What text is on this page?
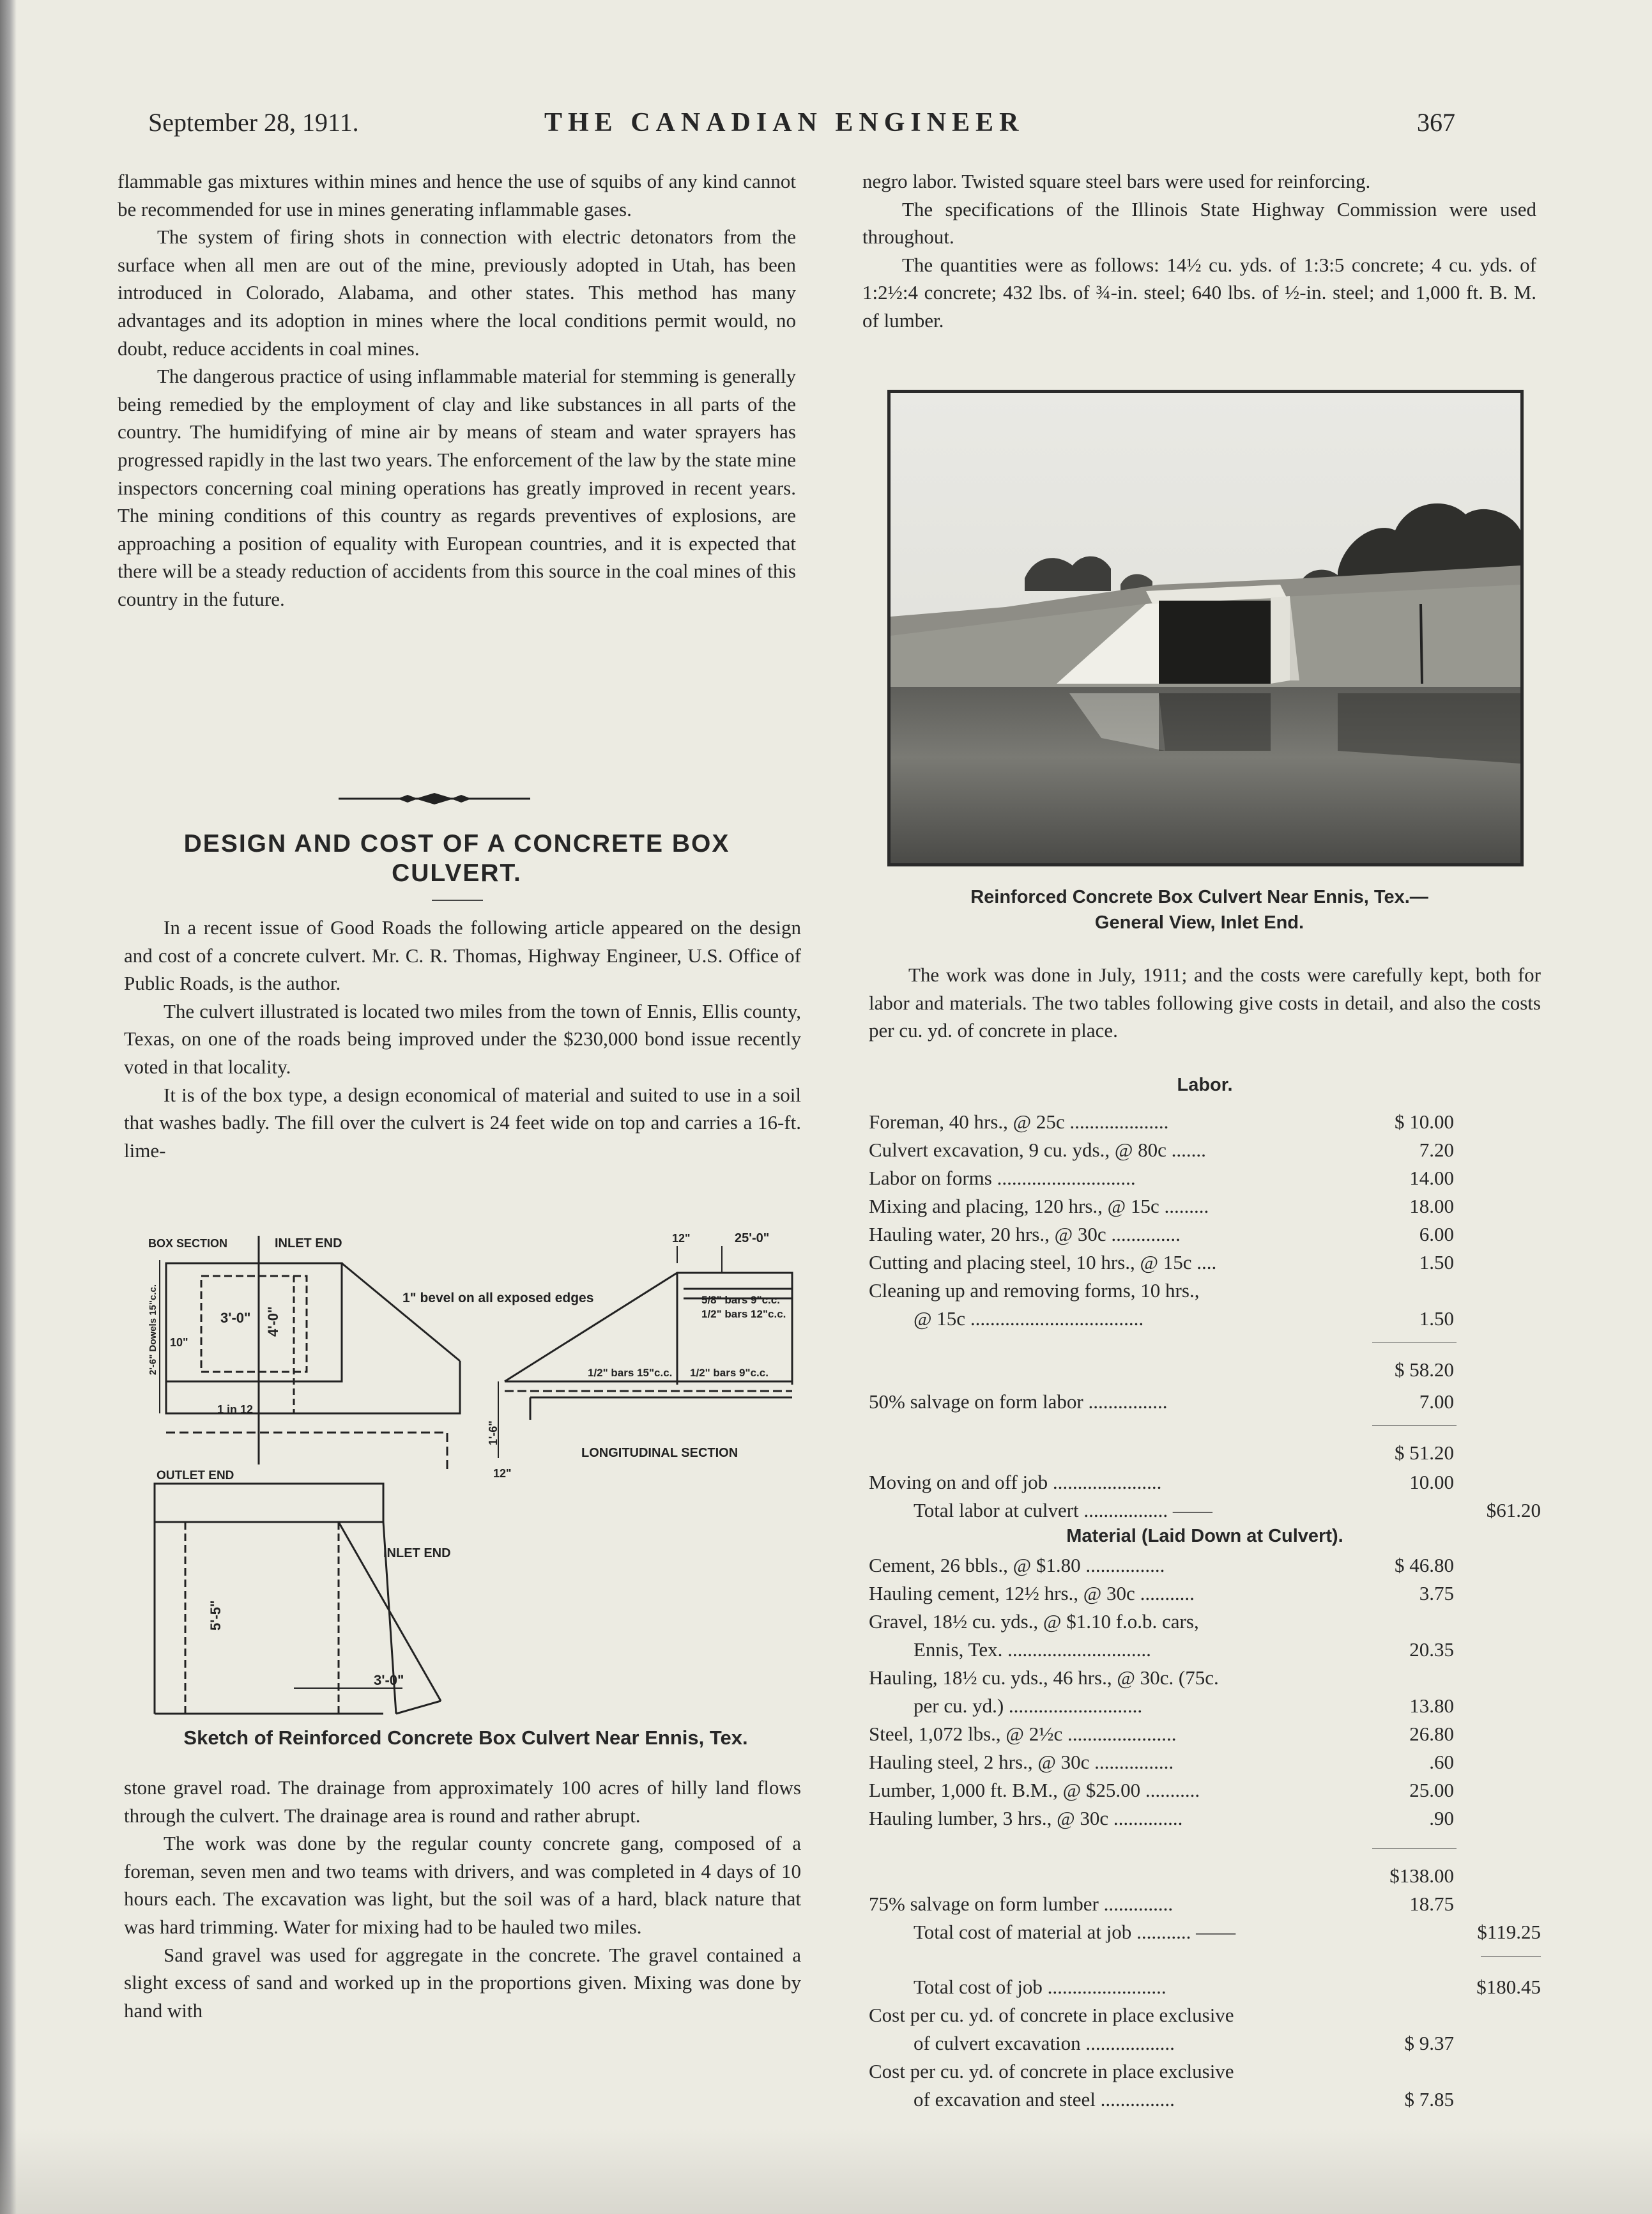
September 28, 1911.	THE CANADIAN ENGINEER	367

flammable gas mixtures within mines and hence the use of squibs of any kind cannot be recommended for use in mines generating inflammable gases.

The system of firing shots in connection with electric detonators from the surface when all men are out of the mine, previously adopted in Utah, has been introduced in Colorado, Alabama, and other states. This method has many advantages and its adoption in mines where the local conditions permit would, no doubt, reduce accidents in coal mines.

The dangerous practice of using inflammable material for stemming is generally being remedied by the employment of clay and like substances in all parts of the country. The humidifying of mine air by means of steam and water sprayers has progressed rapidly in the last two years. The enforcement of the law by the state mine inspectors concerning coal mining operations has greatly improved in recent years. The mining conditions of this country as regards preventives of explosions, are approaching a position of equality with European countries, and it is expected that there will be a steady reduction of accidents from this source in the coal mines of this country in the future.

DESIGN AND COST OF A CONCRETE BOX
CULVERT.

In a recent issue of Good Roads the following article appeared on the design and cost of a concrete culvert. Mr. C. R. Thomas, Highway Engineer, U.S. Office of Public Roads, is the author.

The culvert illustrated is located two miles from the town of Ennis, Ellis county, Texas, on one of the roads being improved under the $230,000 bond issue recently voted in that locality.

It is of the box type, a design economical of material and suited to use in a soil that washes badly. The fill over the culvert is 24 feet wide on top and carries a 16-ft. lime-

BOX SECTION	INLET END
1" bevel on all exposed edges
3'-0" 4'-0"
10"
2'-6" Dowels 15"c.c.
1 in 12
12"	25'-0"
1'-6"
5/8" bars 9"c.c.
1/2" bars 12"c.c.
1/2" bars 15"c.c. 1/2" bars 9"c.c.
LONGITUDINAL SECTION
OUTLET END
INLET END
5'-5"
3'-0"
12"
Sketch of Reinforced Concrete Box Culvert Near Ennis, Tex.

stone gravel road. The drainage from approximately 100 acres of hilly land flows through the culvert. The drainage area is round and rather abrupt.

The work was done by the regular county concrete gang, composed of a foreman, seven men and two teams with drivers, and was completed in 4 days of 10 hours each. The excavation was light, but the soil was of a hard, black nature that was hard trimming. Water for mixing had to be hauled two miles.

Sand gravel was used for aggregate in the concrete. The gravel contained a slight excess of sand and worked up in the proportions given. Mixing was done by hand with

negro labor. Twisted square steel bars were used for reinforcing.

The specifications of the Illinois State Highway Commission were used throughout.

The quantities were as follows: 14½ cu. yds. of 1:3:5 concrete; 4 cu. yds. of 1:2½:4 concrete; 432 lbs. of ¾-in. steel; 640 lbs. of ½-in. steel; and 1,000 ft. B. M. of lumber.

Reinforced Concrete Box Culvert Near Ennis, Tex.—
General View, Inlet End.

The work was done in July, 1911; and the costs were carefully kept, both for labor and materials. The two tables following give costs in detail, and also the costs per cu. yd. of concrete in place.

Labor.
Foreman, 40 hrs., @ 25c ....................	$ 10.00
Culvert excavation, 9 cu. yds., @ 80c .......	7.20
Labor on forms ............................	14.00
Mixing and placing, 120 hrs., @ 15c .........	18.00
Hauling water, 20 hrs., @ 30c ..............	6.00
Cutting and placing steel, 10 hrs., @ 15c ....	1.50
Cleaning up and removing forms, 10 hrs.,
@ 15c ...................................	1.50
$ 58.20
50% salvage on form labor ................	7.00
$ 51.20
Moving on and off job ......................	10.00
Total labor at culvert ................. ——	$61.20
Material (Laid Down at Culvert).
Cement, 26 bbls., @ $1.80 ................	$ 46.80
Hauling cement, 12½ hrs., @ 30c ...........	3.75
Gravel, 18½ cu. yds., @ $1.10 f.o.b. cars,
Ennis, Tex. .............................	20.35
Hauling, 18½ cu. yds., 46 hrs., @ 30c. (75c.
per cu. yd.) ...........................	13.80
Steel, 1,072 lbs., @ 2½c ......................	26.80
Hauling steel, 2 hrs., @ 30c ................	.60
Lumber, 1,000 ft. B.M., @ $25.00 ...........	25.00
Hauling lumber, 3 hrs., @ 30c ..............	.90
$138.00
75% salvage on form lumber ..............	18.75
Total cost of material at job ........... ——	$119.25
Total cost of job ........................	$180.45
Cost per cu. yd. of concrete in place exclusive
of culvert excavation ..................	$ 9.37
Cost per cu. yd. of concrete in place exclusive
of excavation and steel ...............	$ 7.85
